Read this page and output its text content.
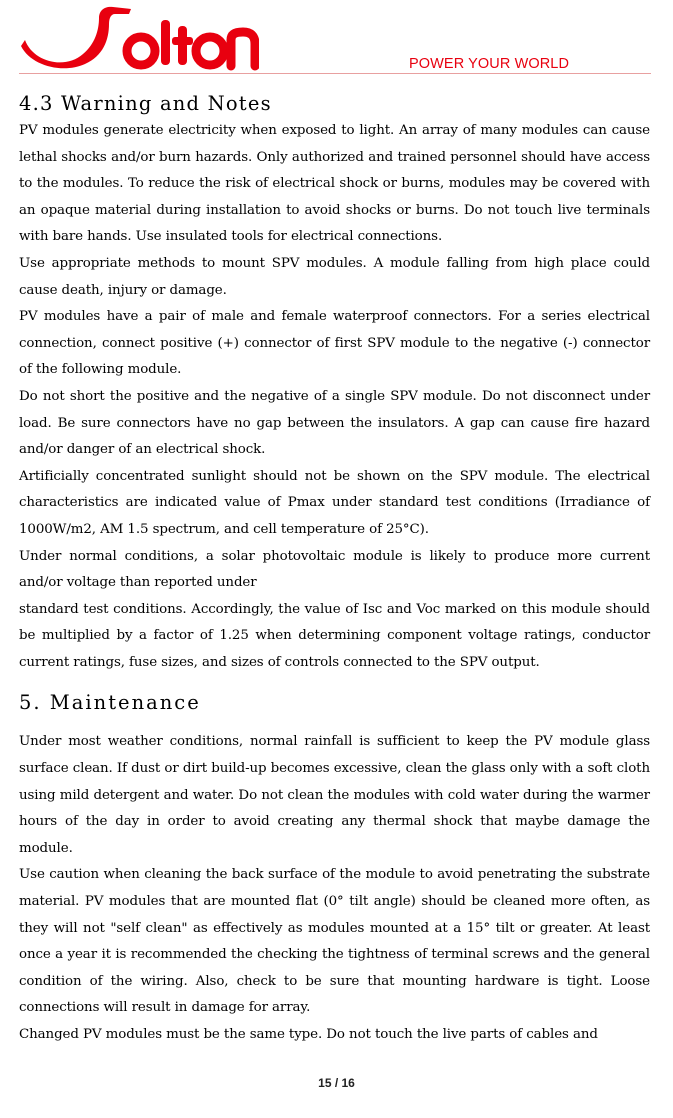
POWER YOUR WORLD
4.3 Warning and Notes

PV modules generate electricity when exposed to light. An array of many modules can cause lethal shocks and/or burn hazards. Only authorized and trained personnel should have access to the modules. To reduce the risk of electrical shock or burns, modules may be covered with an opaque material during installation to avoid shocks or burns. Do not touch live terminals with bare hands. Use insulated tools for electrical connections.

Use appropriate methods to mount SPV modules. A module falling from high place could cause death, injury or damage.

PV modules have a pair of male and female waterproof connectors. For a series electrical connection, connect positive (+) connector of first SPV module to the negative (-) connector of the following module.

Do not short the positive and the negative of a single SPV module. Do not disconnect under load. Be sure connectors have no gap between the insulators. A gap can cause fire hazard and/or danger of an electrical shock.

Artificially concentrated sunlight should not be shown on the SPV module. The electrical characteristics are indicated value of Pmax under standard test conditions (Irradiance of 1000W/m2, AM 1.5 spectrum, and cell temperature of 25°C).

Under normal conditions, a solar photovoltaic module is likely to produce more current and/or voltage than reported under

standard test conditions. Accordingly, the value of Isc and Voc marked on this module should be multiplied by a factor of 1.25 when determining component voltage ratings, conductor current ratings, fuse sizes, and sizes of controls connected to the SPV output.

5. Maintenance

Under most weather conditions, normal rainfall is sufficient to keep the PV module glass surface clean. If dust or dirt build-up becomes excessive, clean the glass only with a soft cloth using mild detergent and water. Do not clean the modules with cold water during the warmer hours of the day in order to avoid creating any thermal shock that maybe damage the module.

Use caution when cleaning the back surface of the module to avoid penetrating the substrate material. PV modules that are mounted flat (0° tilt angle) should be cleaned more often, as they will not "self clean" as effectively as modules mounted at a 15° tilt or greater. At least once a year it is recommended the checking the tightness of terminal screws and the general condition of the wiring. Also, check to be sure that mounting hardware is tight. Loose connections will result in damage for array.

Changed PV modules must be the same type. Do not touch the live parts of cables and

15 / 16
